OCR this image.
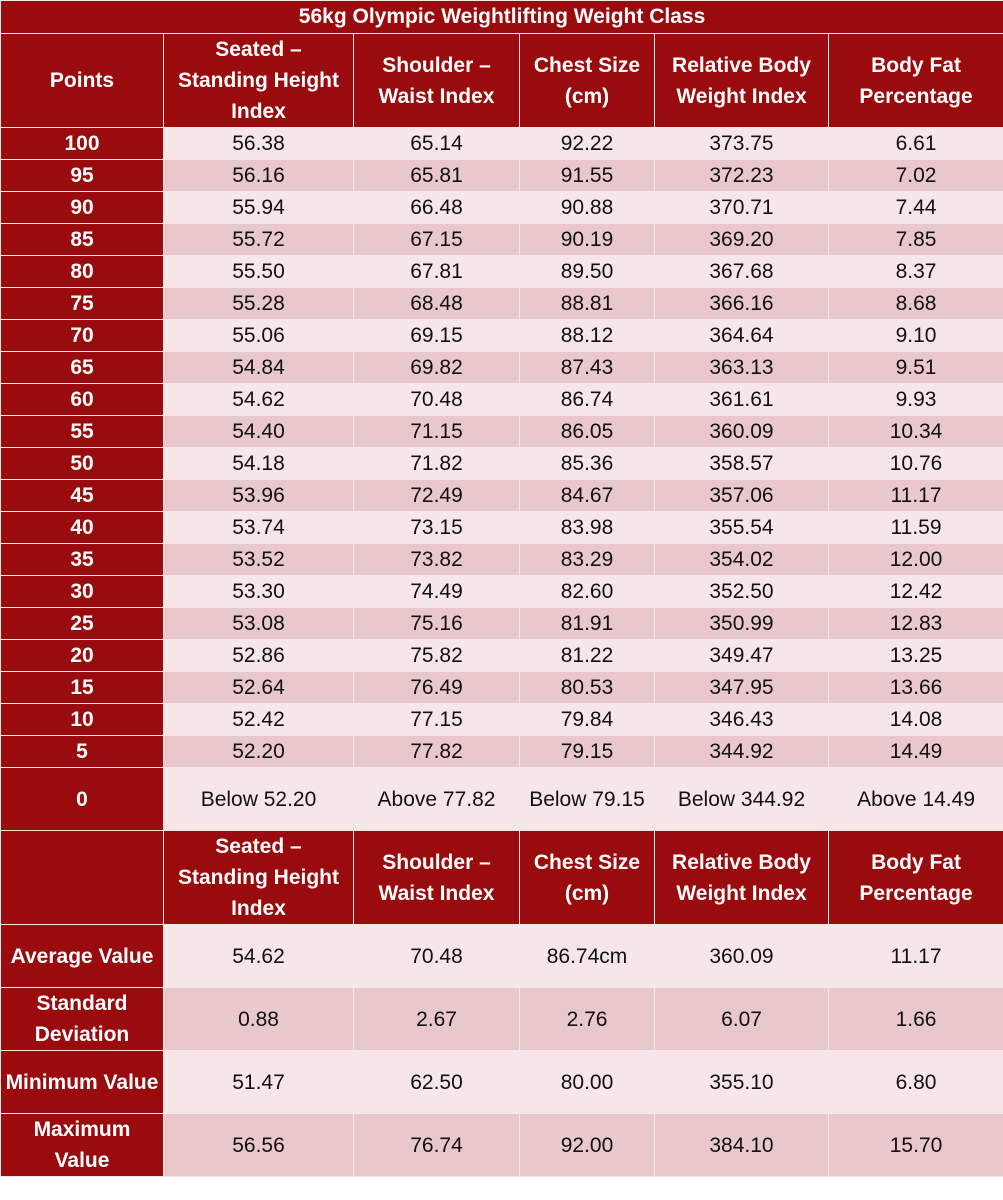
56kg Olympic Weightlifting Weight Class					
Points	Seated – Standing Height Index	Shoulder – Waist Index	Chest Size (cm)	Relative Body Weight Index	Body Fat Percentage
100	56.38	65.14	92.22	373.75	6.61
95	56.16	65.81	91.55	372.23	7.02
90	55.94	66.48	90.88	370.71	7.44
85	55.72	67.15	90.19	369.20	7.85
80	55.50	67.81	89.50	367.68	8.37
75	55.28	68.48	88.81	366.16	8.68
70	55.06	69.15	88.12	364.64	9.10
65	54.84	69.82	87.43	363.13	9.51
60	54.62	70.48	86.74	361.61	9.93
55	54.40	71.15	86.05	360.09	10.34
50	54.18	71.82	85.36	358.57	10.76
45	53.96	72.49	84.67	357.06	11.17
40	53.74	73.15	83.98	355.54	11.59
35	53.52	73.82	83.29	354.02	12.00
30	53.30	74.49	82.60	352.50	12.42
25	53.08	75.16	81.91	350.99	12.83
20	52.86	75.82	81.22	349.47	13.25
15	52.64	76.49	80.53	347.95	13.66
10	52.42	77.15	79.84	346.43	14.08
5	52.20	77.82	79.15	344.92	14.49
0	Below 52.20	Above 77.82	Below 79.15	Below 344.92	Above 14.49
	Seated – Standing Height Index	Shoulder – Waist Index	Chest Size (cm)	Relative Body Weight Index	Body Fat Percentage
Average Value	54.62	70.48	86.74cm	360.09	11.17
Standard Deviation	0.88	2.67	2.76	6.07	1.66
Minimum Value	51.47	62.50	80.00	355.10	6.80
Maximum Value	56.56	76.74	92.00	384.10	15.70
